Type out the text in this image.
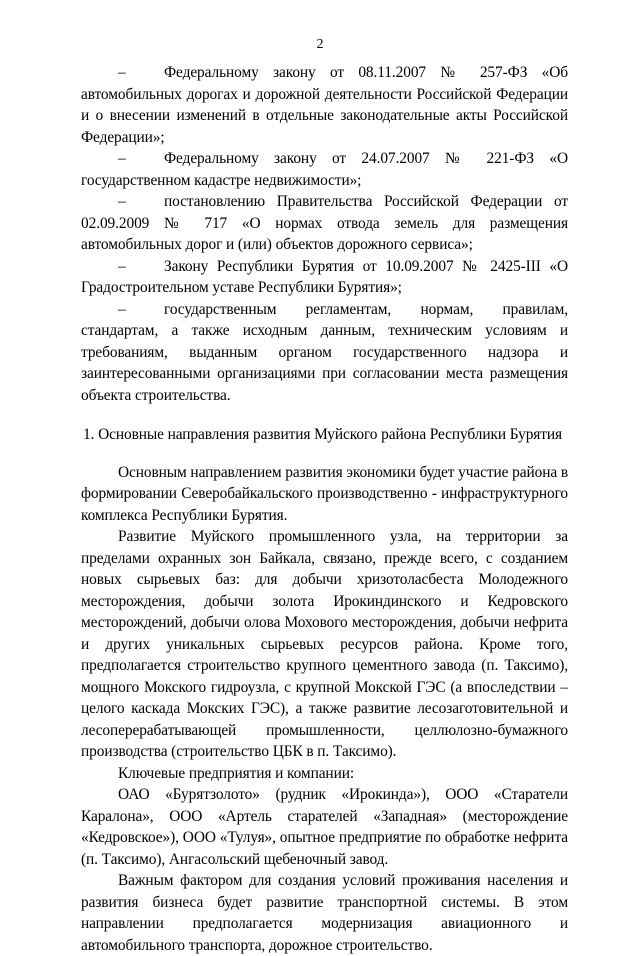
2

– Федеральному закону от 08.11.2007 № 257-ФЗ «Об автомобильных дорогах и дорожной деятельности Российской Федерации и о внесении изменений в отдельные законодательные акты Российской Федерации»;

– Федеральному закону от 24.07.2007 № 221-ФЗ «О государственном кадастре недвижимости»;

– постановлению Правительства Российской Федерации от 02.09.2009 № 717 «О нормах отвода земель для размещения автомобильных дорог и (или) объектов дорожного сервиса»;

– Закону Республики Бурятия от 10.09.2007 № 2425-III «О Градостроительном уставе Республики Бурятия»;

– государственным регламентам, нормам, правилам, стандартам, а также исходным данным, техническим условиям и требованиям, выданным органом государственного надзора и заинтересованными организациями при согласовании места размещения объекта строительства.

1. Основные направления развития Муйского района Республики Бурятия

Основным направлением развития экономики будет участие района в формировании Северобайкальского производственно - инфраструктурного комплекса Республики Бурятия.

Развитие Муйского промышленного узла, на территории за пределами охранных зон Байкала, связано, прежде всего, с созданием новых сырьевых баз: для добычи хризотоласбеста Молодежного месторождения, добычи золота Ирокиндинского и Кедровского месторождений, добычи олова Мохового месторождения, добычи нефрита и других уникальных сырьевых ресурсов района. Кроме того, предполагается строительство крупного цементного завода (п. Таксимо), мощного Мокского гидроузла, с крупной Мокской ГЭС (а впоследствии – целого каскада Мокских ГЭС), а также развитие лесозаготовительной и лесоперерабатывающей промышленности, целлюлозно-бумажного производства (строительство ЦБК в п. Таксимо).

Ключевые предприятия и компании:

ОАО «Бурятзолото» (рудник «Ирокинда»), ООО «Старатели Каралона», ООО «Артель старателей «Западная» (месторождение «Кедровское»), ООО «Тулуя», опытное предприятие по обработке нефрита (п. Таксимо), Ангасольский щебеночный завод.

Важным фактором для создания условий проживания населения и развития бизнеса будет развитие транспортной системы. В этом направлении предполагается модернизация авиационного и автомобильного транспорта, дорожное строительство.
